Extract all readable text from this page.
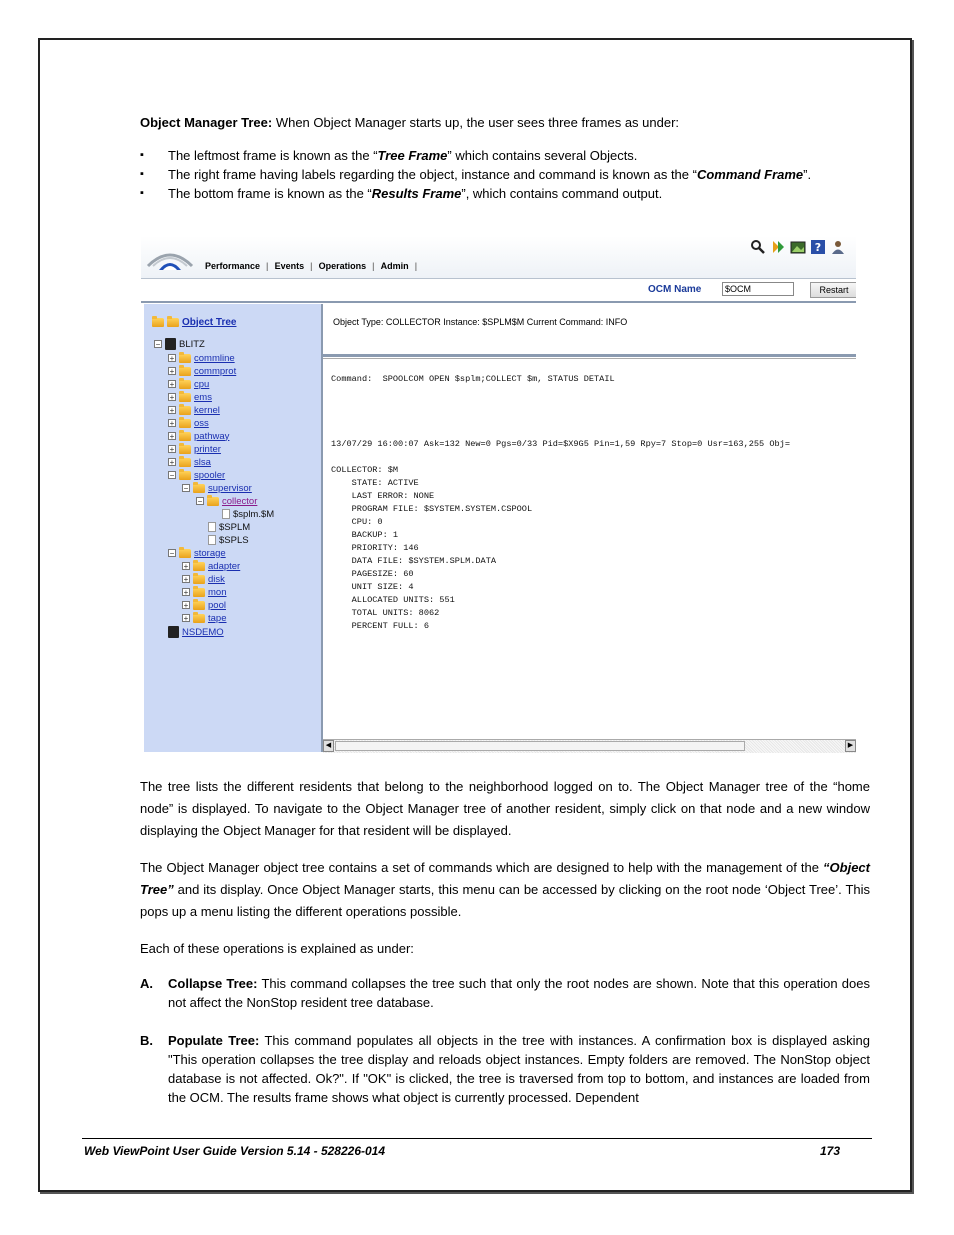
Object Manager Tree: When Object Manager starts up, the user sees three frames as under:
▪ The leftmost frame is known as the “Tree Frame” which contains several Objects.
▪ The right frame having labels regarding the object, instance and command is known as the “Command Frame”.
▪ The bottom frame is known as the “Results Frame”, which contains command output.
Performance | Events | Operations | Admin |
?
OCM Name
$OCM	Restart
Object Tree
− BLITZ
+ commline
+ commprot
+ cpu
+ ems
+ kernel
+ oss
+ pathway
+ printer
+ slsa
− spooler
− supervisor
− collector
$splm.$M
$SPLM
$SPLS
− storage
+ adapter
+ disk
+ mon
+ pool
+ tape
NSDEMO
Object Type: COLLECTOR Instance: $SPLM$M Current Command: INFO
Command:  SPOOLCOM OPEN $splm;COLLECT $m, STATUS DETAIL

13/07/29 16:00:07 Ask=132 New=0 Pgs=0/33 Pid=$X9G5 Pin=1,59 Rpy=7 Stop=0 Usr=163,255 Obj=

COLLECTOR: $M
STATE: ACTIVE
LAST ERROR: NONE
PROGRAM FILE: $SYSTEM.SYSTEM.CSPOOL
CPU: 0
BACKUP: 1
PRIORITY: 146
DATA FILE: $SYSTEM.SPLM.DATA
PAGESIZE: 60
UNIT SIZE: 4
ALLOCATED UNITS: 551
TOTAL UNITS: 8062
PERCENT FULL: 6
◀	▶
The tree lists the different residents that belong to the neighborhood logged on to. The Object Manager tree of the “home node” is displayed. To navigate to the Object Manager tree of another resident, simply click on that node and a new window displaying the Object Manager for that resident will be displayed.
The Object Manager object tree contains a set of commands which are designed to help with the management of the “Object Tree” and its display. Once Object Manager starts, this menu can be accessed by clicking on the root node ‘Object Tree’. This pops up a menu listing the different operations possible.
Each of these operations is explained as under:
A. Collapse Tree: This command collapses the tree such that only the root nodes are shown. Note that this operation does not affect the NonStop resident tree database.
B. Populate Tree: This command populates all objects in the tree with instances. A confirmation box is displayed asking "This operation collapses the tree display and reloads object instances. Empty folders are removed. The NonStop object database is not affected. Ok?". If "OK" is clicked, the tree is traversed from top to bottom, and instances are loaded from the OCM. The results frame shows what object is currently processed. Dependent
Web ViewPoint User Guide Version 5.14 - 528226-014	173
